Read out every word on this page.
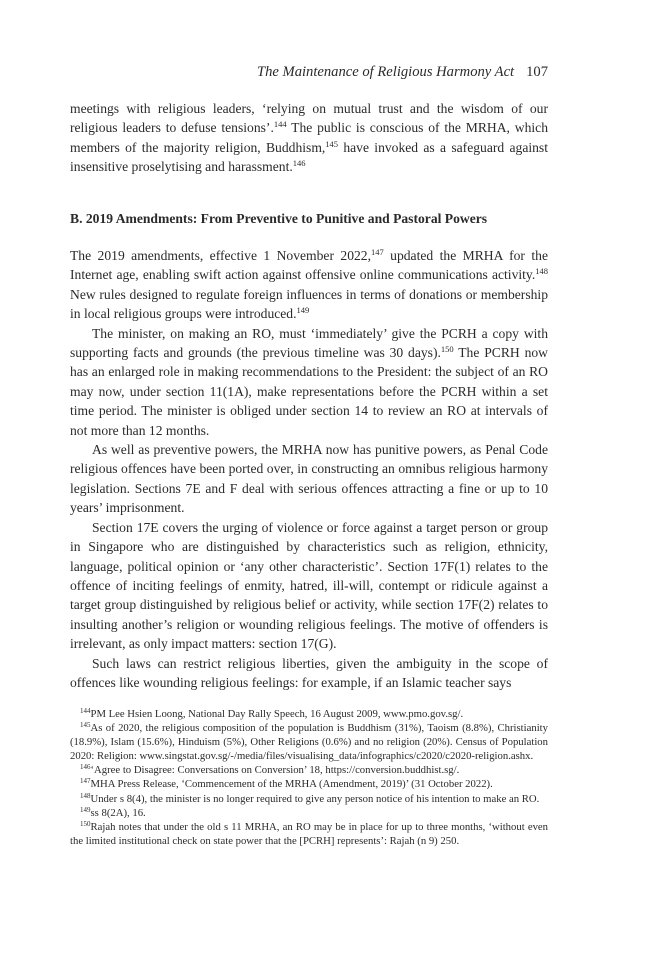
The Maintenance of Religious Harmony Act 107

meetings with religious leaders, ‘relying on mutual trust and the wisdom of our religious leaders to defuse tensions’.$^{144}$ The public is conscious of the MRHA, which members of the majority religion, Buddhism,$^{145}$ have invoked as a safeguard against insensitive proselytising and harassment.$^{146}$

B. 2019 Amendments: From Preventive to Punitive and Pastoral Powers

The 2019 amendments, effective 1 November 2022,$^{147}$ updated the MRHA for the Internet age, enabling swift action against offensive online communications activity.$^{148}$ New rules designed to regulate foreign influences in terms of donations or membership in local religious groups were introduced.$^{149}$

The minister, on making an RO, must ‘immediately’ give the PCRH a copy with supporting facts and grounds (the previous timeline was 30 days).$^{150}$ The PCRH now has an enlarged role in making recommendations to the President: the subject of an RO may now, under section 11(1A), make representations before the PCRH within a set time period. The minister is obliged under section 14 to review an RO at intervals of not more than 12 months.

As well as preventive powers, the MRHA now has punitive powers, as Penal Code religious offences have been ported over, in constructing an omnibus religious harmony legislation. Sections 7E and F deal with serious offences attracting a fine or up to 10 years’ imprisonment.

Section 17E covers the urging of violence or force against a target person or group in Singapore who are distinguished by characteristics such as religion, ethnicity, language, political opinion or ‘any other characteristic’. Section 17F(1) relates to the offence of inciting feelings of enmity, hatred, ill-will, contempt or ridicule against a target group distinguished by religious belief or activity, while section 17F(2) relates to insulting another’s religion or wounding religious feelings. The motive of offenders is irrelevant, as only impact matters: section 17(G).

Such laws can restrict religious liberties, given the ambiguity in the scope of offences like wounding religious feelings: for example, if an Islamic teacher says

$^{144}$PM Lee Hsien Loong, National Day Rally Speech, 16 August 2009, www.pmo.gov.sg/.

$^{145}$As of 2020, the religious composition of the population is Buddhism (31%), Taoism (8.8%), Christianity (18.9%), Islam (15.6%), Hinduism (5%), Other Religions (0.6%) and no religion (20%). Census of Population 2020: Religion: www.singstat.gov.sg/-/media/files/visualising_data/infographics/c2020/c2020-religion.ashx.

$^{146}$‘Agree to Disagree: Conversations on Conversion’ 18, https://conversion.buddhist.sg/.

$^{147}$MHA Press Release, ‘Commencement of the MRHA (Amendment, 2019)’ (31 October 2022).

$^{148}$Under s 8(4), the minister is no longer required to give any person notice of his intention to make an RO.

$^{149}$ss 8(2A), 16.

$^{150}$Rajah notes that under the old s 11 MRHA, an RO may be in place for up to three months, ‘without even the limited institutional check on state power that the [PCRH] represents’: Rajah (n 9) 250.
